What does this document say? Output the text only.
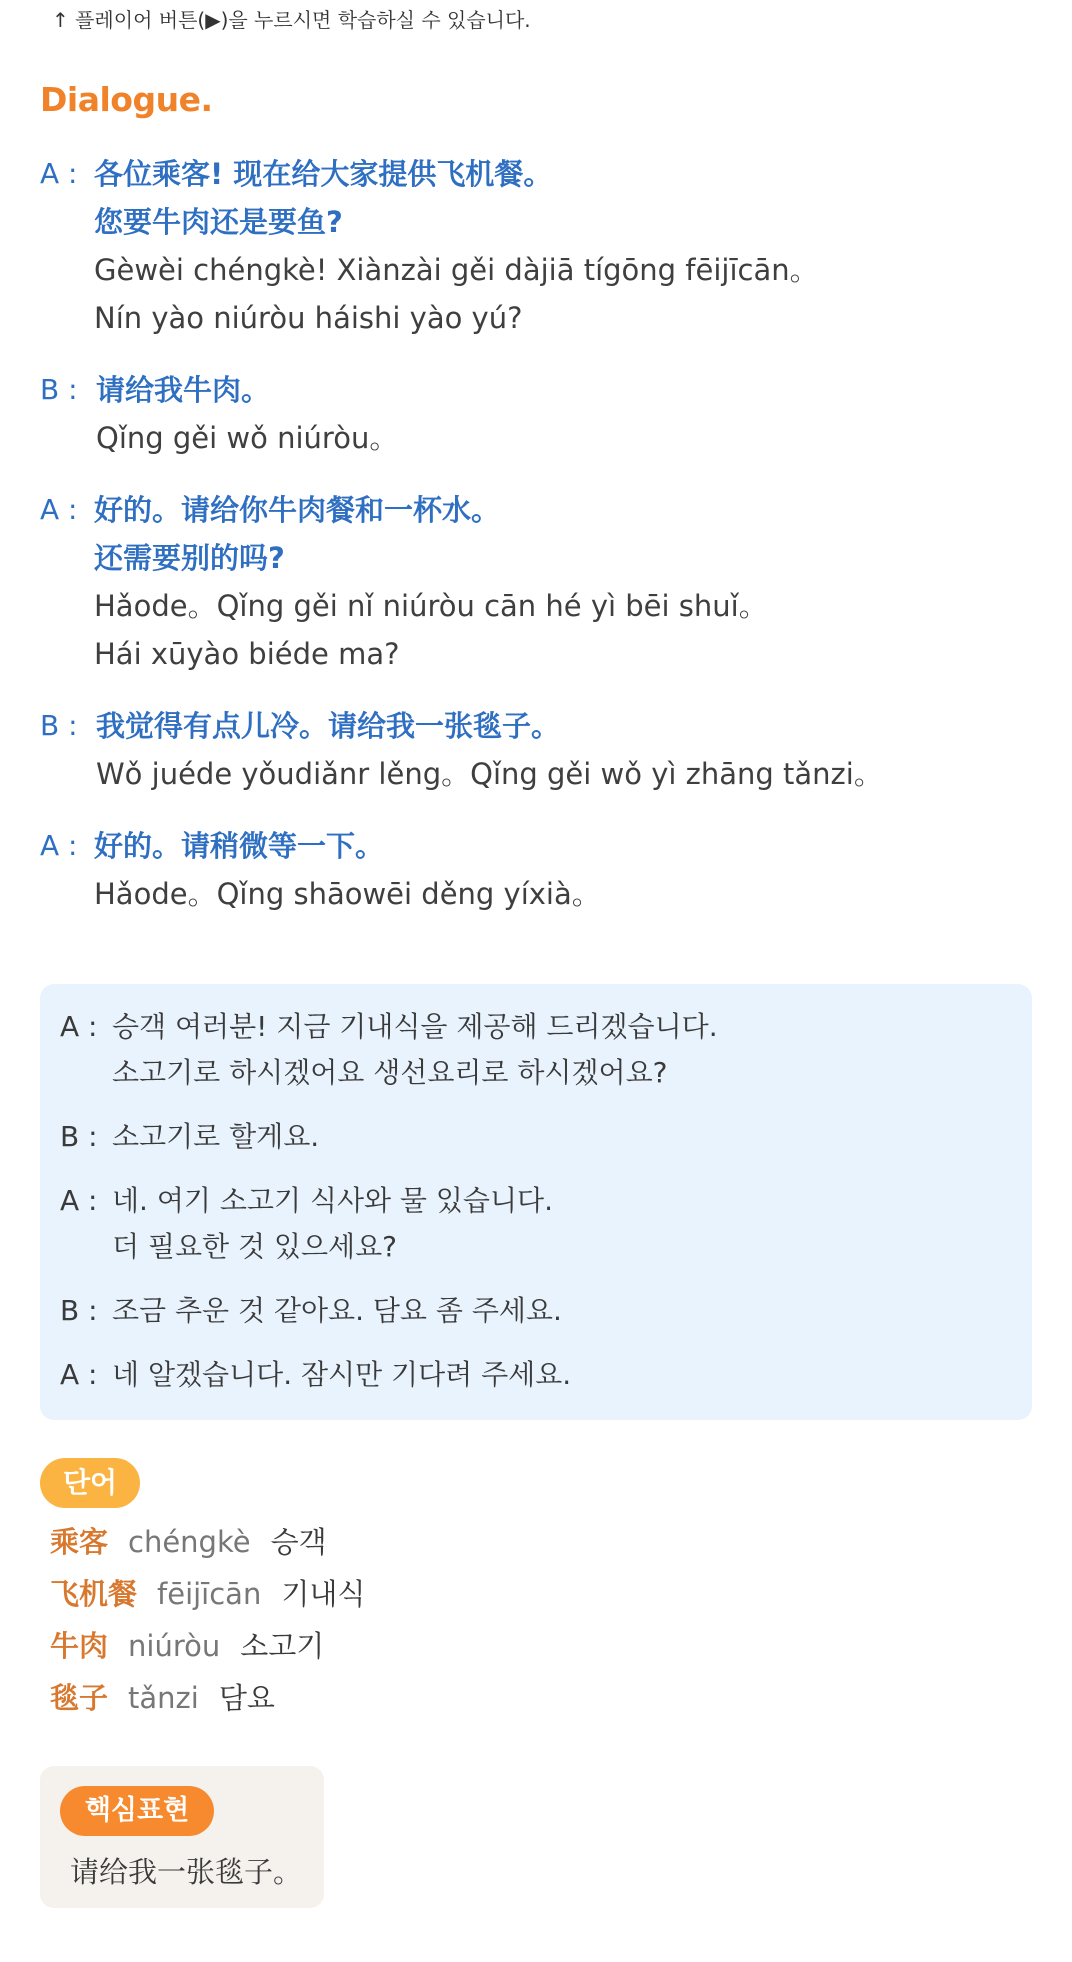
↑ 플레이어 버튼(▶)을 누르시면 학습하실 수 있습니다.
Dialogue.
A : 各位乘客! 现在给大家提供飞机餐。
您要牛肉还是要鱼?
Gèwèi chéngkè! Xiànzài gěi dàjiā tígōng fēijīcān。
Nín yào niúròu háishi yào yú?
B : 请给我牛肉。
Qǐng gěi wǒ niúròu。
A : 好的。请给你牛肉餐和一杯水。
还需要别的吗?
Hǎode。Qǐng gěi nǐ niúròu cān hé yì bēi shuǐ。
Hái xūyào biéde ma?
B : 我觉得有点儿冷。请给我一张毯子。
Wǒ juéde yǒudiǎnr lěng。Qǐng gěi wǒ yì zhāng tǎnzi。
A : 好的。请稍微等一下。
Hǎode。Qǐng shāowēi děng yíxià。
A : 승객 여러분! 지금 기내식을 제공해 드리겠습니다.
소고기로 하시겠어요 생선요리로 하시겠어요?
B : 소고기로 할게요.
A : 네. 여기 소고기 식사와 물 있습니다.
더 필요한 것 있으세요?
B : 조금 추운 것 같아요. 담요 좀 주세요.
A : 네 알겠습니다. 잠시만 기다려 주세요.
단어
乘客 chéngkè 승객
飞机餐 fēijīcān 기내식
牛肉 niúròu 소고기
毯子 tǎnzi 담요
핵심표현
请给我一张毯子。
